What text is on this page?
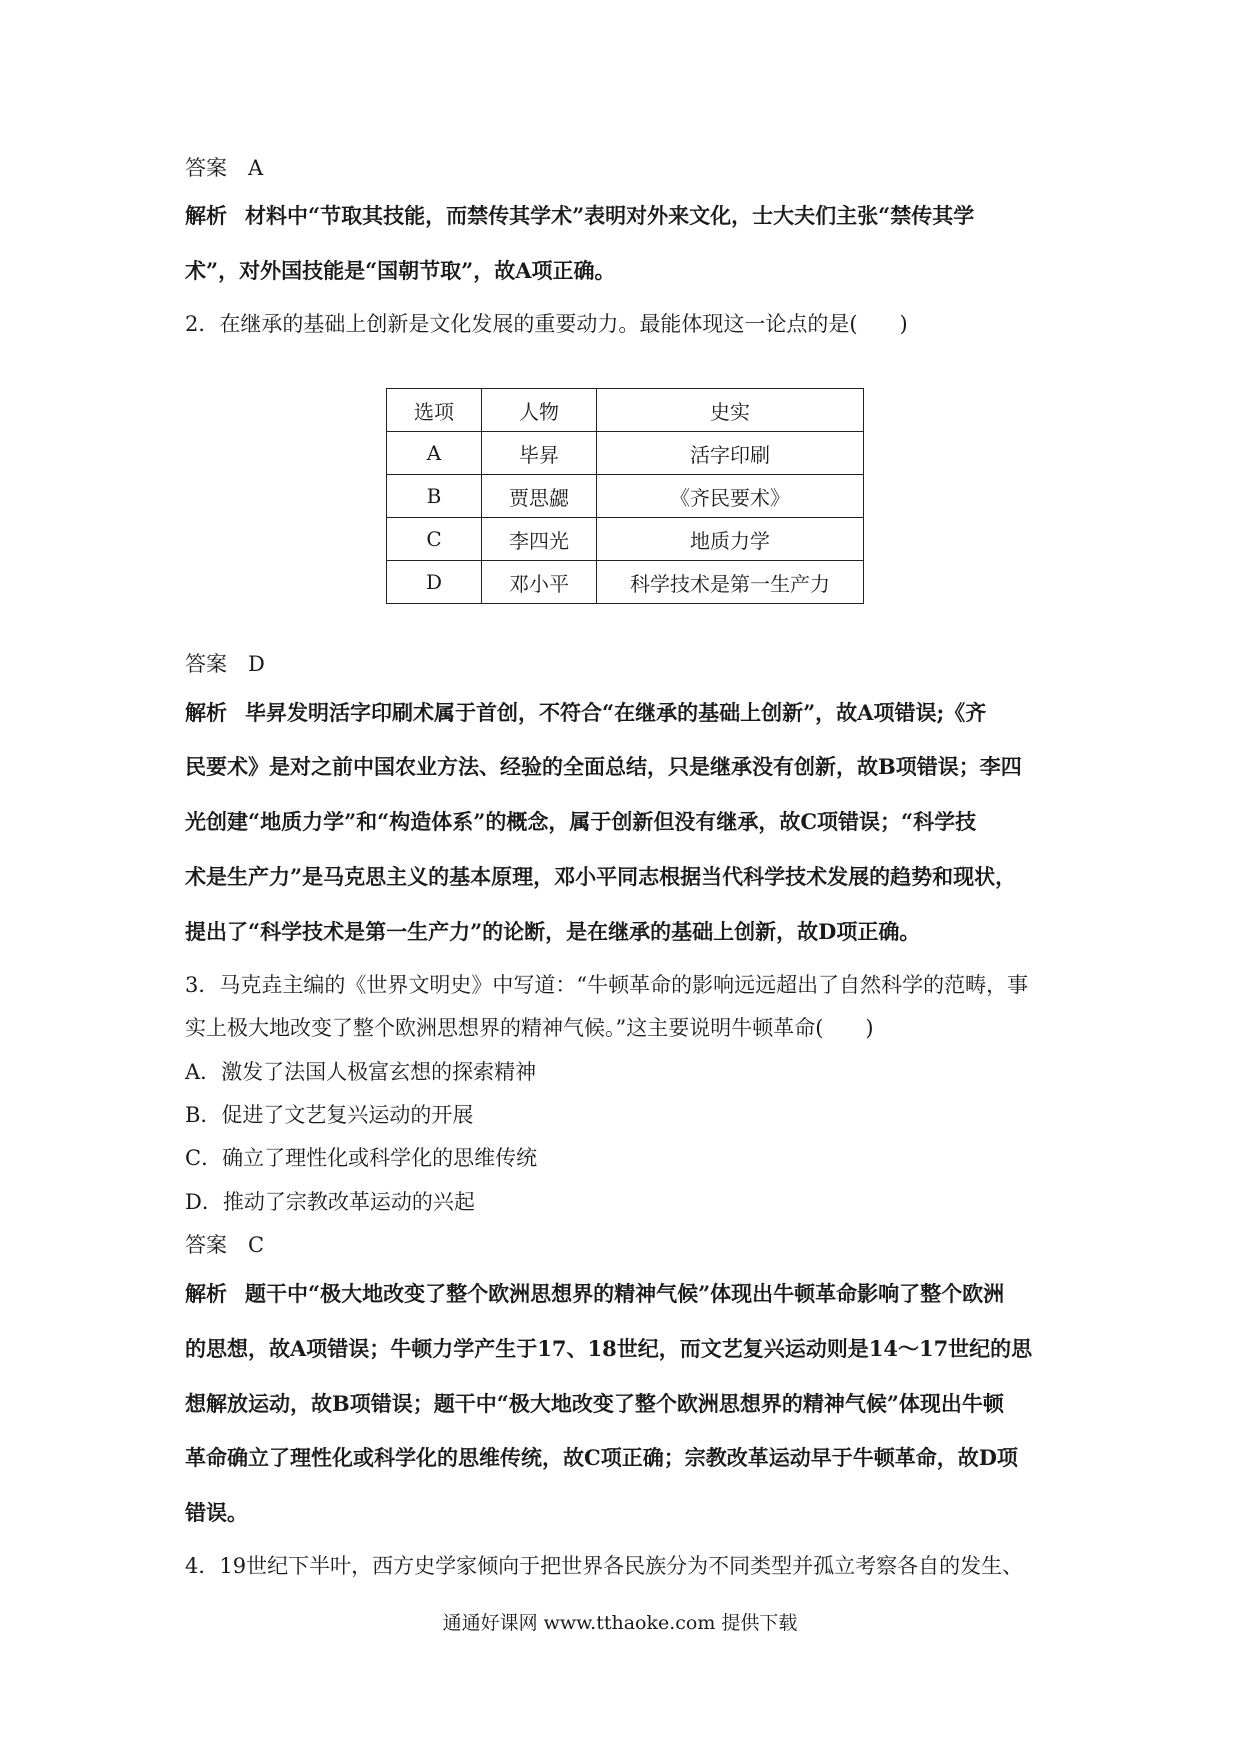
答案  A
解析 材料中“节取其技能，而禁传其学术”表明对外来文化，士大夫们主张“禁传其学
术”，对外国技能是“国朝节取”，故A项正确。
2．在继承的基础上创新是文化发展的重要动力。最能体现这一论点的是(　　)
选项	人物	史实
A	毕昇	活字印刷
B	贾思勰	《齐民要术》
C	李四光	地质力学
D	邓小平	科学技术是第一生产力
答案  D
解析 毕昇发明活字印刷术属于首创，不符合“在继承的基础上创新”，故A项错误;《齐
民要术》是对之前中国农业方法、经验的全面总结，只是继承没有创新，故B项错误；李四
光创建“地质力学”和“构造体系”的概念，属于创新但没有继承，故C项错误；“科学技
术是生产力”是马克思主义的基本原理，邓小平同志根据当代科学技术发展的趋势和现状，
提出了“科学技术是第一生产力”的论断，是在继承的基础上创新，故D项正确。
3．马克垚主编的《世界文明史》中写道：“牛顿革命的影响远远超出了自然科学的范畴，事
实上极大地改变了整个欧洲思想界的精神气候。”这主要说明牛顿革命(　　)
A．激发了法国人极富玄想的探索精神
B．促进了文艺复兴运动的开展
C．确立了理性化或科学化的思维传统
D．推动了宗教改革运动的兴起
答案  C
解析 题干中“极大地改变了整个欧洲思想界的精神气候”体现出牛顿革命影响了整个欧洲
的思想，故A项错误；牛顿力学产生于17、18世纪，而文艺复兴运动则是14～17世纪的思
想解放运动，故B项错误；题干中“极大地改变了整个欧洲思想界的精神气候”体现出牛顿
革命确立了理性化或科学化的思维传统，故C项正确；宗教改革运动早于牛顿革命，故D项
错误。
4．19世纪下半叶，西方史学家倾向于把世界各民族分为不同类型并孤立考察各自的发生、
通通好课网 www.tthaoke.com 提供下载
